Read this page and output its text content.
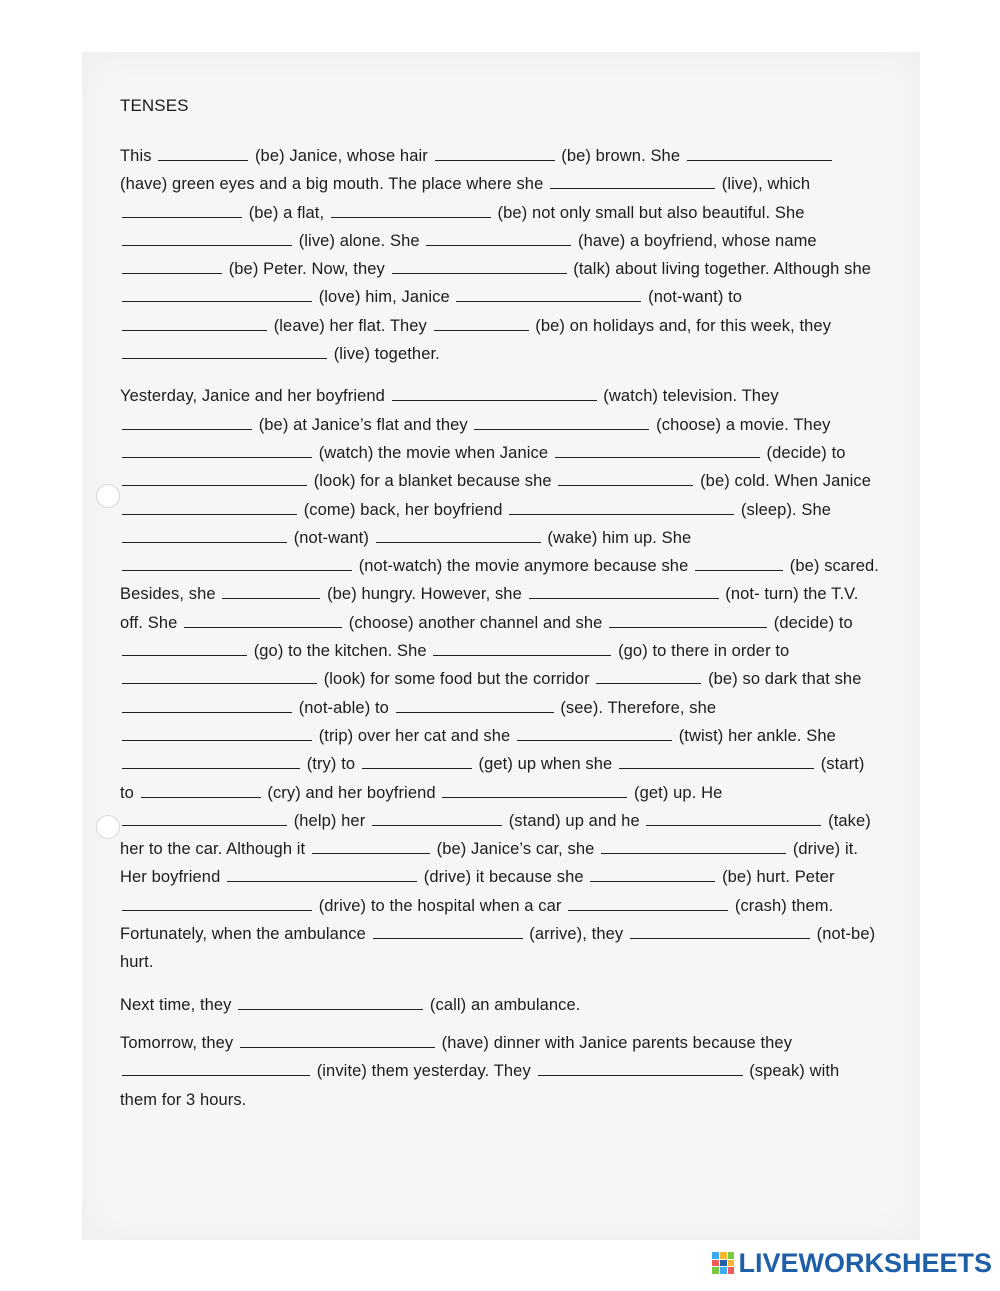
TENSES

This	(be) Janice, whose hair	(be) brown. She  (have) green eyes and a big mouth. The place where she	(live), which  (be) a flat,	(be) not only small but also beautiful. She  (live) alone. She	(have) a boyfriend, whose name  (be) Peter. Now, they	(talk) about living together. Although she  (love) him, Janice	(not-want) to  (leave) her flat. They	(be) on holidays and, for this week, they  (live) together.

Yesterday, Janice and her boyfriend	(watch) television. They  (be) at Janice’s flat and they	(choose) a movie. They  (watch) the movie when Janice	(decide) to  (look) for a blanket because she	(be) cold. When Janice  (come) back, her boyfriend	(sleep). She  (not-want)	(wake) him up. She  (not-watch) the movie anymore because she	(be) scared. Besides, she	(be) hungry. However, she	(not- turn) the T.V. off. She	(choose) another channel and she	(decide) to  (go) to the kitchen. She	(go) to there in order to  (look) for some food but the corridor	(be) so dark that she  (not-able) to	(see). Therefore, she  (trip) over her cat and she	(twist) her ankle. She  (try) to	(get) up when she	(start) to	(cry) and her boyfriend	(get) up. He  (help) her	(stand) up and he	(take) her to the car. Although it	(be) Janice’s car, she	(drive) it. Her boyfriend	(drive) it because she	(be) hurt. Peter  (drive) to the hospital when a car	(crash) them. Fortunately, when the ambulance	(arrive), they	(not-be) hurt.

Next time, they	(call) an ambulance.

Tomorrow, they	(have) dinner with Janice parents because they  (invite) them yesterday. They	(speak) with them for 3 hours.

LIVEWORKSHEETS
